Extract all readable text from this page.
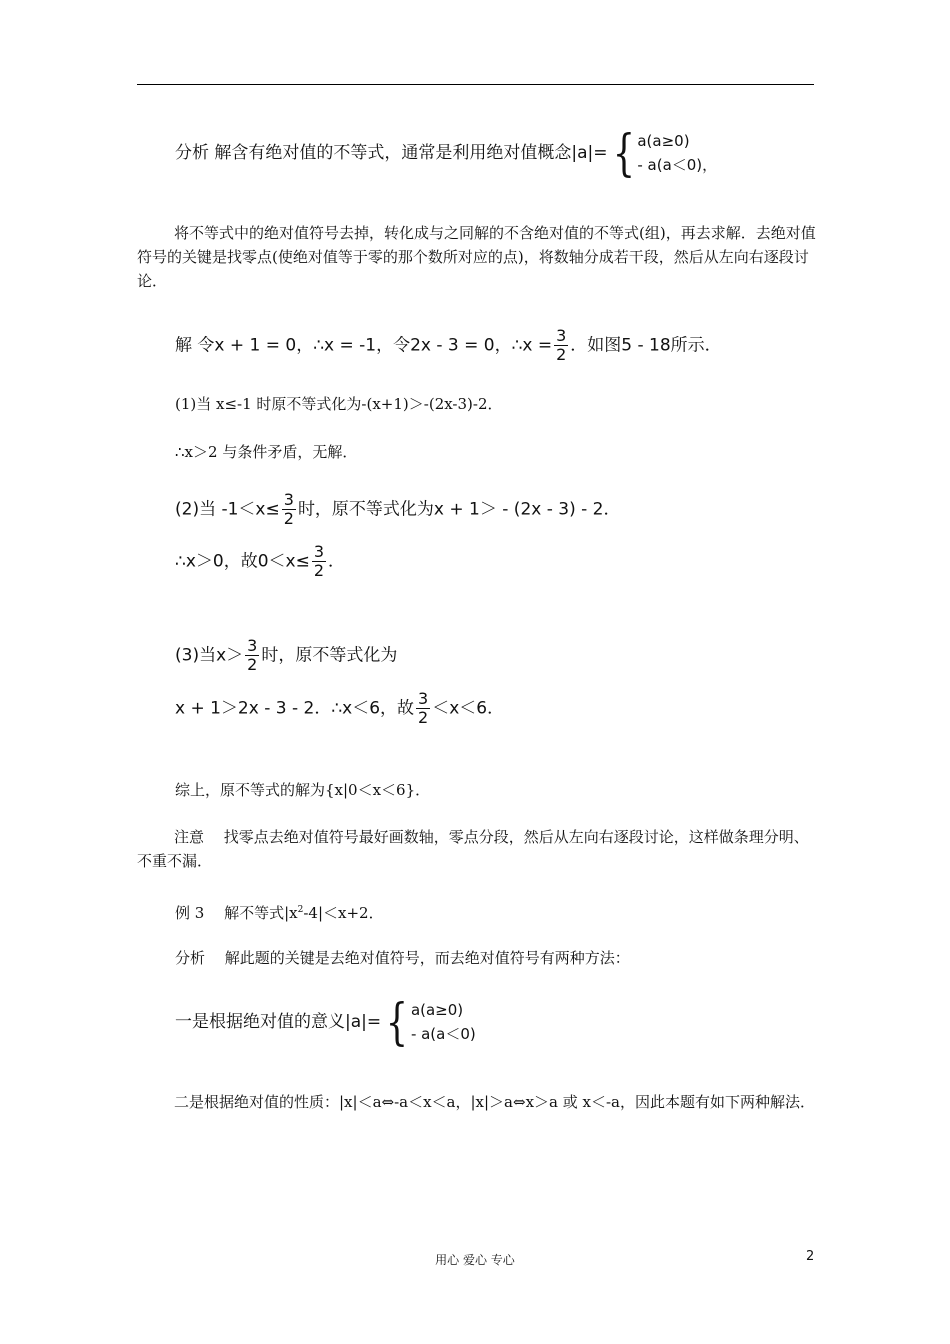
分析 解含有绝对值的不等式，通常是利用绝对值概念|a|= { a(a≥0)
- a(a＜0)，
将不等式中的绝对值符号去掉，转化成与之同解的不含绝对值的不等式(组)，再去求解．去绝对值符号的关键是找零点(使绝对值等于零的那个数所对应的点)，将数轴分成若干段，然后从左向右逐段讨论．
解 令x + 1 = 0，∴x = -1，令2x - 3 = 0，∴x = $\frac{3}{2}$ ．如图5 - 18所示．
(1)当 x≤-1 时原不等式化为-(x+1)＞-(2x-3)-2．
∴x＞2 与条件矛盾，无解．
(2)当 $-1<x\le \frac{3}{2}$ 时，原不等式化为x + 1＞ - (2x - 3) - 2．
∴x＞0，故$0<x\le \frac{3}{2}$ ．
(3)当$x> \frac{3}{2}$ 时，原不等式化为
x + 1＞2x - 3 - 2．∴x＜6，故 $\frac{3}{2} <x<6$．
综上，原不等式的解为{x|0＜x＜6}．
注意　 找零点去绝对值符号最好画数轴，零点分段，然后从左向右逐段讨论，这样做条理分明、不重不漏．
例 3　 解不等式$|x^2-4|<x+2$．
分析　 解此题的关键是去绝对值符号，而去绝对值符号有两种方法：
一是根据绝对值的意义|a|= { a(a≥0)
- a(a＜0)
二是根据绝对值的性质：|x|＜a⇔-a＜x＜a，|x|＞a⇔x＞a 或 x＜-a，因此本题有如下两种解法．
用心 爱心 专心	2
